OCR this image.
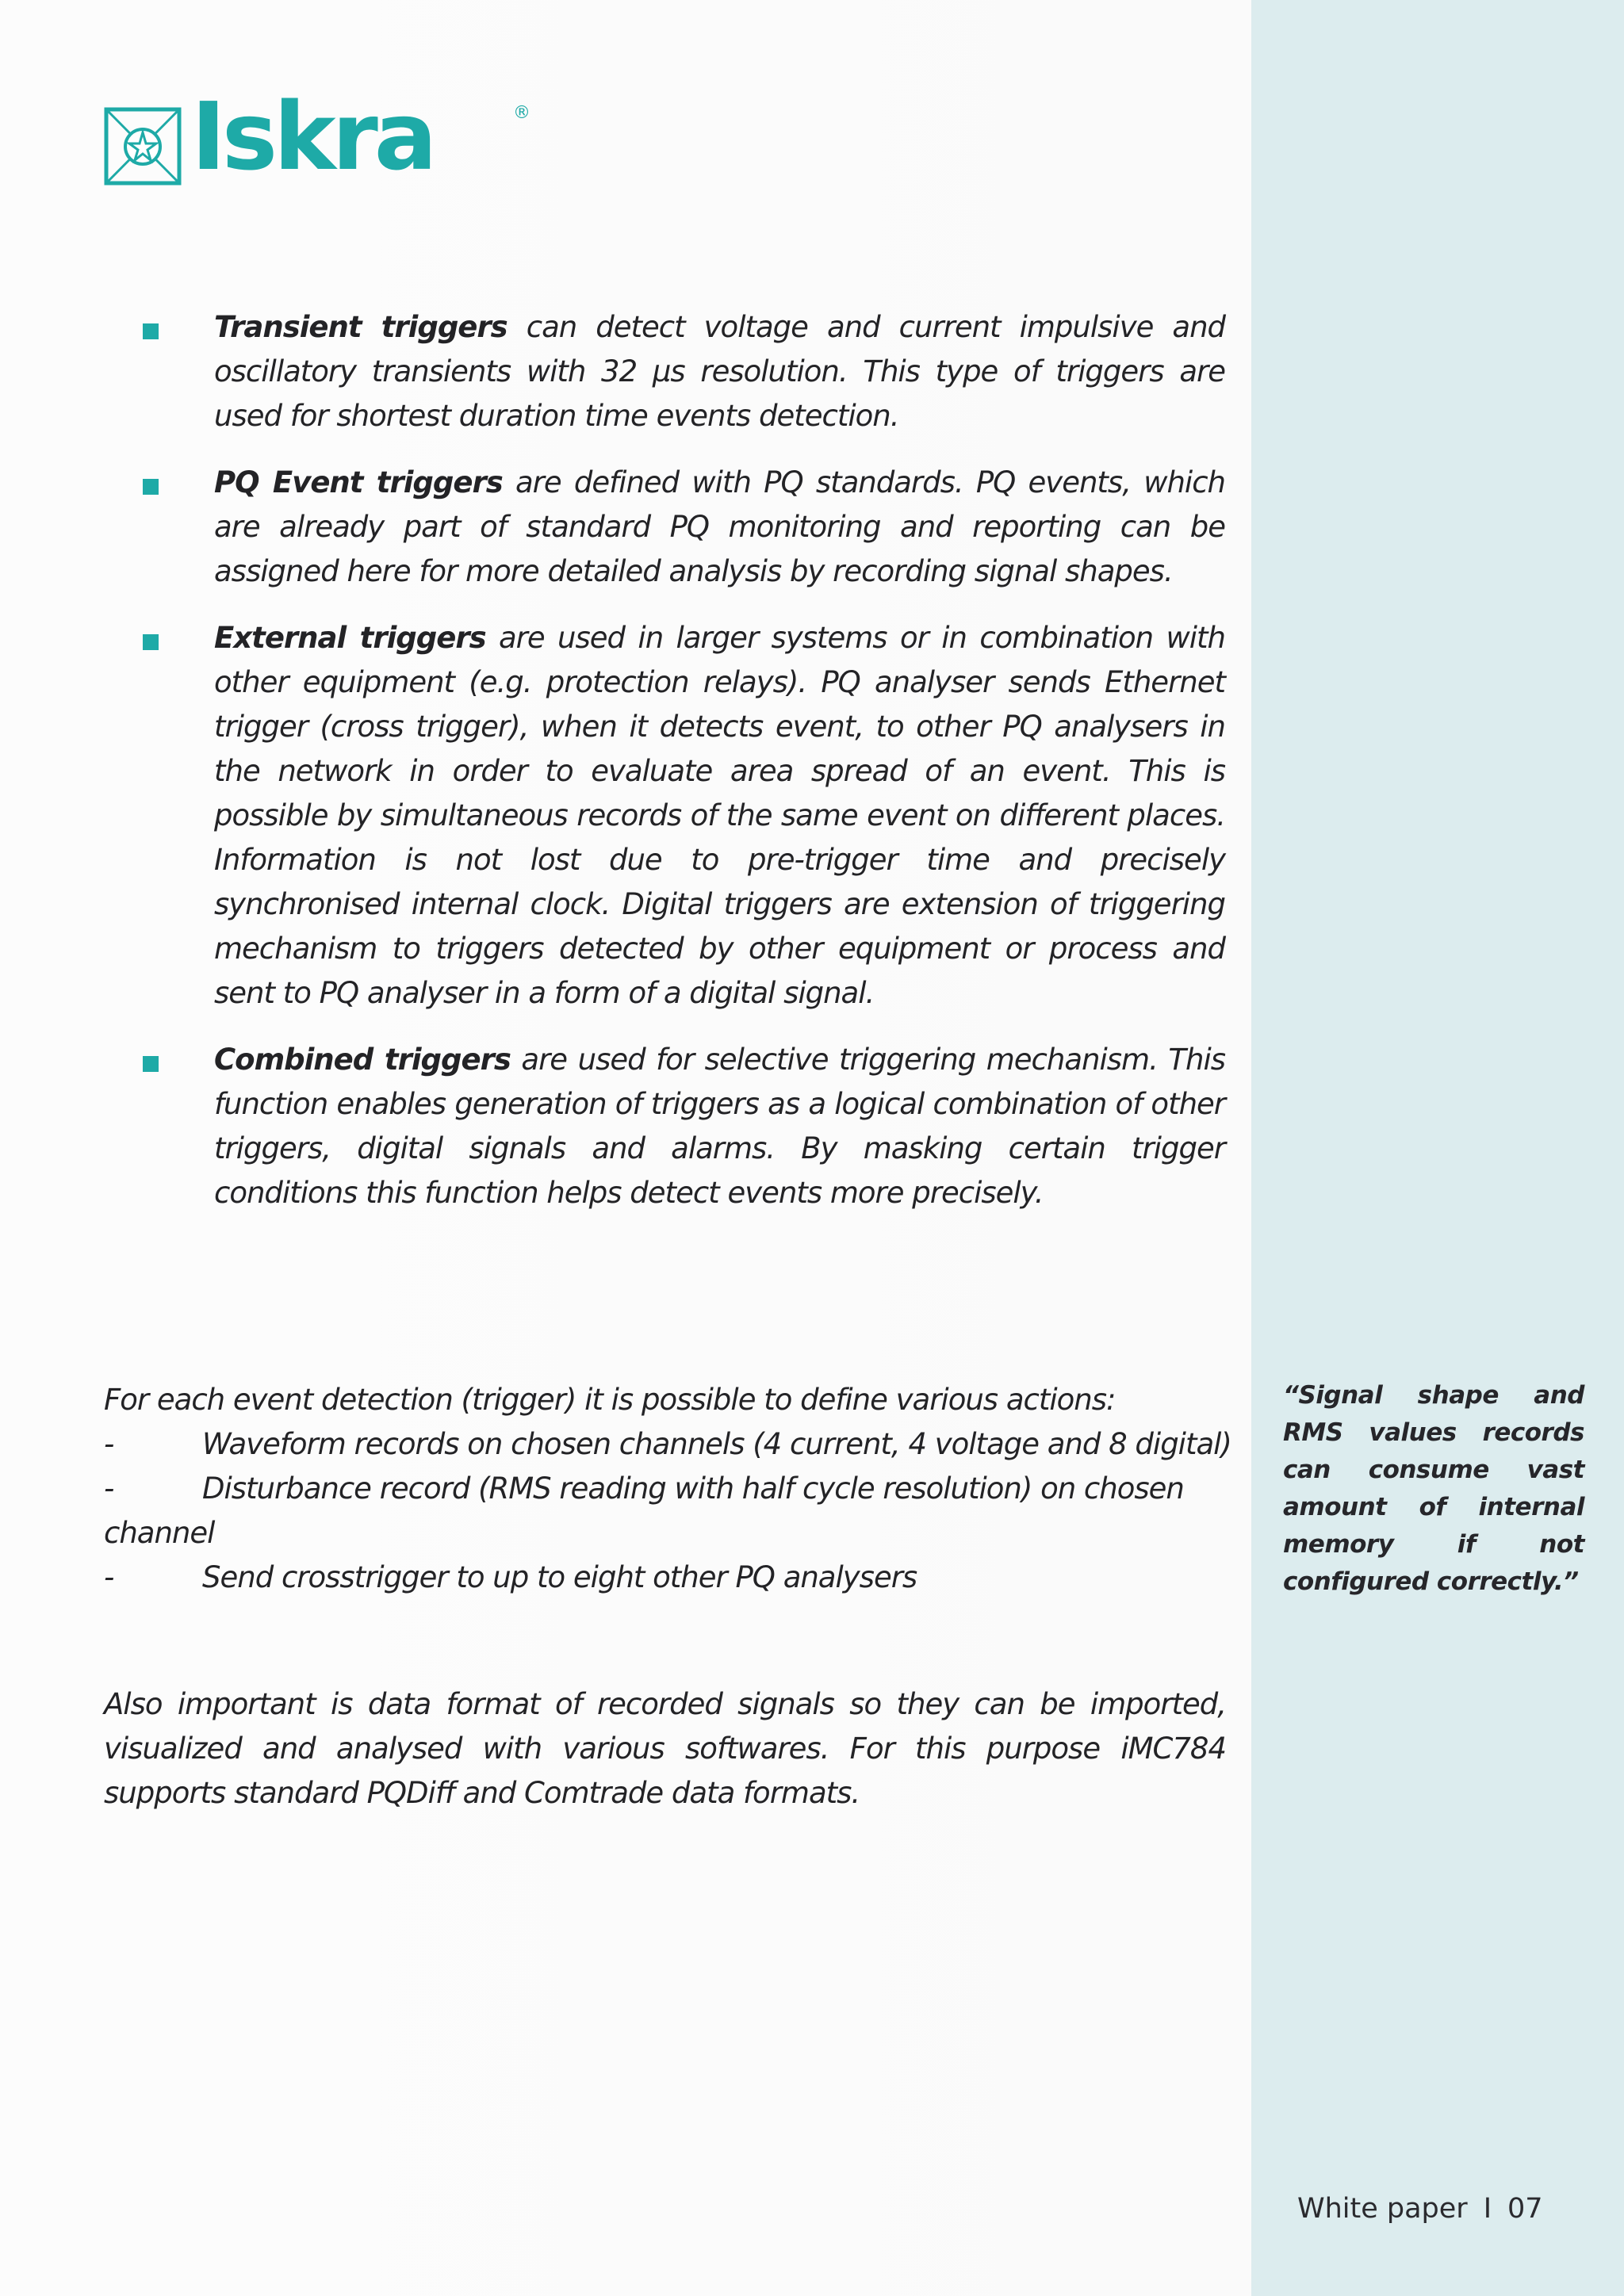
Iskra	®
Transient triggers can detect voltage and current impulsive and oscillatory transients with 32 µs resolution. This type of triggers are used for shortest duration time events detection.
PQ Event triggers are defined with PQ standards. PQ events, which are already part of standard PQ monitoring and reporting can be assigned here for more detailed analysis by recording signal shapes.
External triggers are used in larger systems or in combination with other equipment (e.g. protection relays). PQ analyser sends Ethernet trigger (cross trigger), when it detects event, to other PQ analysers in the network in order to evaluate area spread of an event. This is possible by simultaneous records of the same event on different places. Information is not lost due to pre-trigger time and precisely synchronised internal clock. Digital triggers are extension of triggering mechanism to triggers detected by other equipment or process and sent to PQ analyser in a form of a digital signal.
Combined triggers are used for selective triggering mechanism. This function enables generation of triggers as a logical combination of other triggers, digital signals and alarms. By masking certain trigger conditions this function helps detect events more precisely.
For each event detection (trigger) it is possible to define various actions:
-	Waveform records on chosen channels (4 current, 4 voltage and 8 digital)
-	Disturbance record (RMS reading with half cycle resolution) on chosen
channel
-	Send crosstrigger to up to eight other PQ analysers
Also important is data format of recorded signals so they can be imported, visualized and analysed with various softwares. For this purpose iMC784 supports standard PQDiff and Comtrade data formats.
“Signal shape and RMS values records can consume vast amount of internal memory if not configured correctly.”
White paper I 07
